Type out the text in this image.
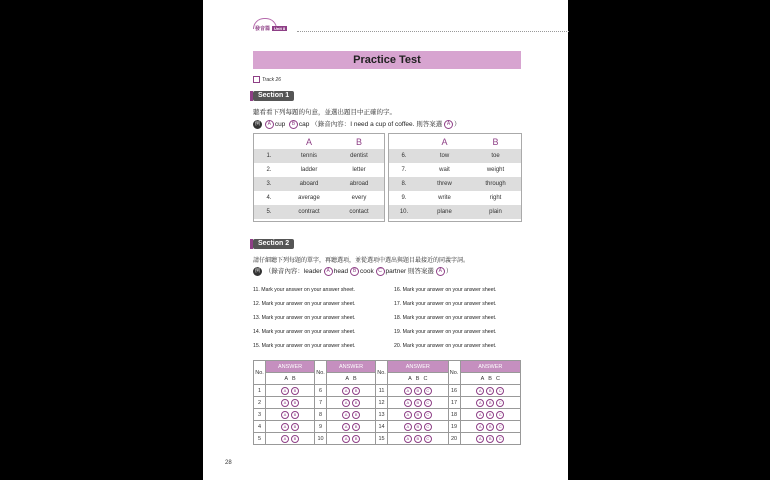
發音篇 Unit 8
Practice Test
Track 26
Section 1
聽看看下列每題的句意，並選出題目中正確的字。
例 A cup B cap （錄音內容：I need a cup of coffee. 則答案選 A ）
	A	B
1.	tennis	dentist
2.	ladder	letter
3.	aboard	abroad
4.	average	every
5.	contract	contact
	A	B
6.	tow	toe
7.	wait	weight
8.	threw	through
9.	write	right
10.	plane	plain
Section 2
請仔細聽下列每題的單字，再聽選項，並從選項中選出與題目最接近的同義字詞。
例 （錄音內容：leader A head B cook C partner 則答案選 A ）
11. Mark your answer on your answer sheet.
12. Mark your answer on your answer sheet.
13. Mark your answer on your answer sheet.
14. Mark your answer on your answer sheet.
15. Mark your answer on your answer sheet.
16. Mark your answer on your answer sheet.
17. Mark your answer on your answer sheet.
18. Mark your answer on your answer sheet.
19. Mark your answer on your answer sheet.
20. Mark your answer on your answer sheet.
No.	ANSWER	No.	ANSWER	No.	ANSWER	No.	ANSWER
	A B		A B		A B C		A B C
1	A B	6	A B	11	A B C	16	A B C
2	A B	7	A B	12	A B C	17	A B C
3	A B	8	A B	13	A B C	18	A B C
4	A B	9	A B	14	A B C	19	A B C
5	A B	10	A B	15	A B C	20	A B C
28
